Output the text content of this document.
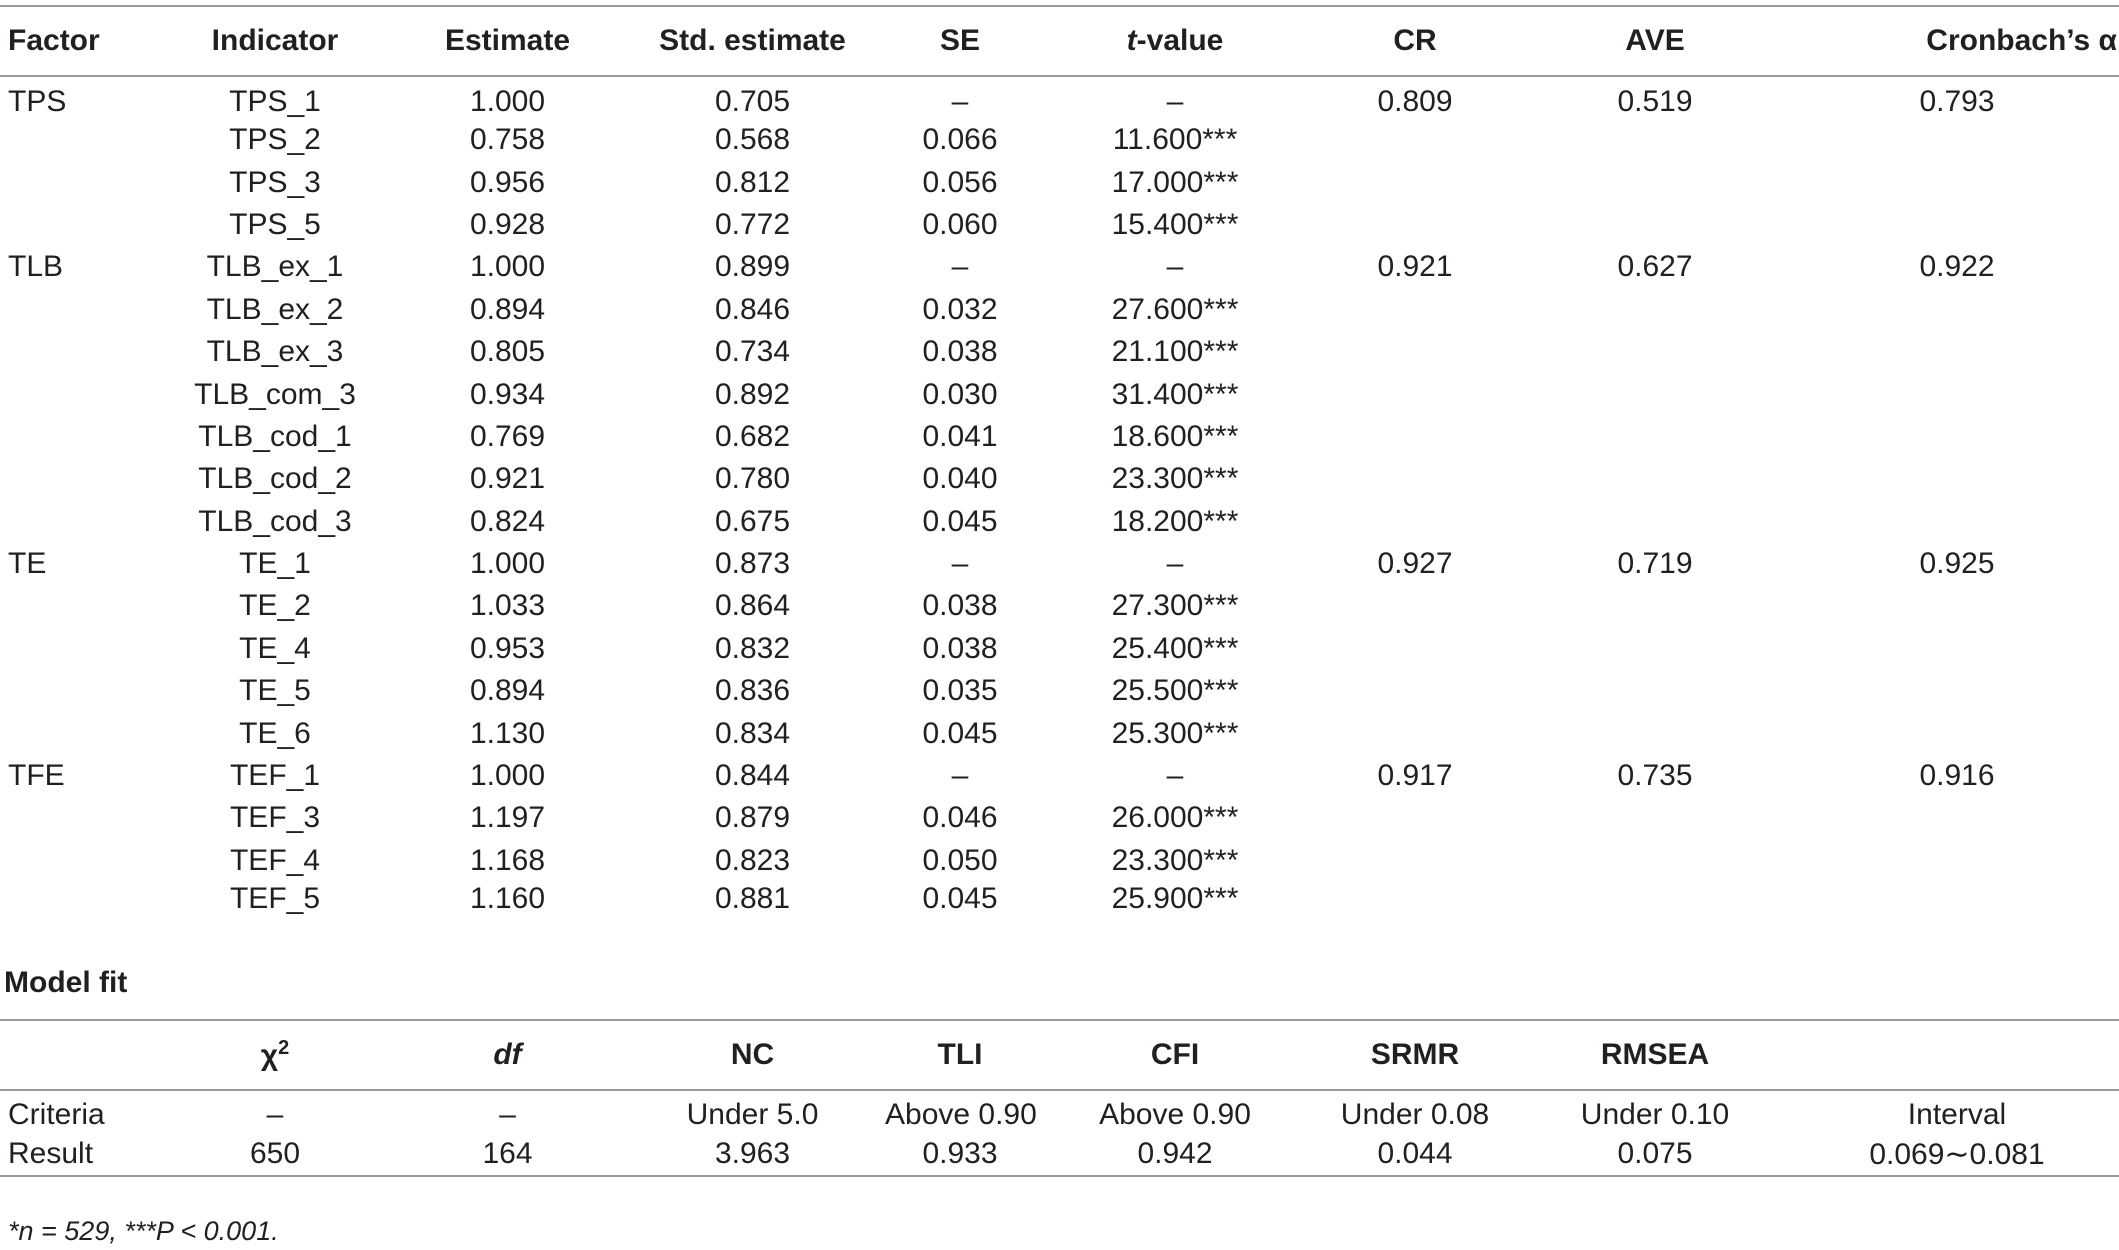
Factor	Indicator	Estimate	Std. estimate	SE	t-value	CR	AVE	Cronbach’s α
TPS	TPS_1	1.000	0.705	–	–	0.809	0.519	0.793
	TPS_2	0.758	0.568	0.066	11.600***			
	TPS_3	0.956	0.812	0.056	17.000***			
	TPS_5	0.928	0.772	0.060	15.400***			
TLB	TLB_ex_1	1.000	0.899	–	–	0.921	0.627	0.922
	TLB_ex_2	0.894	0.846	0.032	27.600***			
	TLB_ex_3	0.805	0.734	0.038	21.100***			
	TLB_com_3	0.934	0.892	0.030	31.400***			
	TLB_cod_1	0.769	0.682	0.041	18.600***			
	TLB_cod_2	0.921	0.780	0.040	23.300***			
	TLB_cod_3	0.824	0.675	0.045	18.200***			
TE	TE_1	1.000	0.873	–	–	0.927	0.719	0.925
	TE_2	1.033	0.864	0.038	27.300***			
	TE_4	0.953	0.832	0.038	25.400***			
	TE_5	0.894	0.836	0.035	25.500***			
	TE_6	1.130	0.834	0.045	25.300***			
TFE	TEF_1	1.000	0.844	–	–	0.917	0.735	0.916
	TEF_3	1.197	0.879	0.046	26.000***			
	TEF_4	1.168	0.823	0.050	23.300***			
	TEF_5	1.160	0.881	0.045	25.900***			
Model fit
	$\chi^2$	df	NC	TLI	CFI	SRMR	RMSEA	
Criteria	–	–	Under 5.0	Above 0.90	Above 0.90	Under 0.08	Under 0.10	Interval
Result	650	164	3.963	0.933	0.942	0.044	0.075	0.069∼0.081
*n = 529, ***P < 0.001.
